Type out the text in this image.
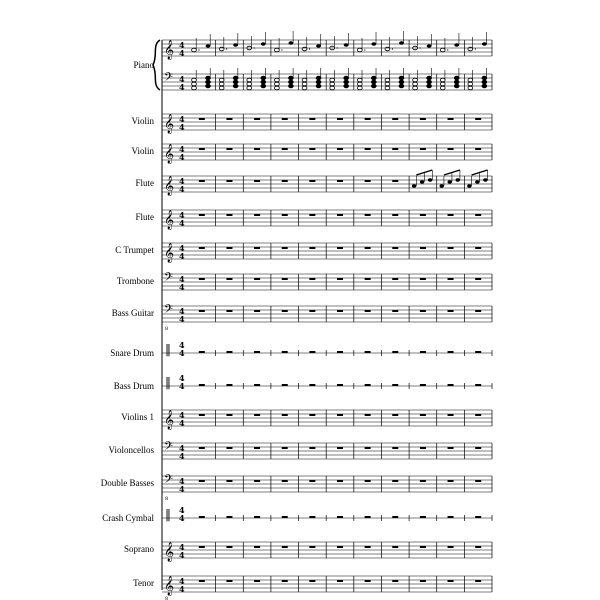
𝄞
𝄢
4
4
4
4
𝄞 4
4
𝄞 4
4
𝄞 4
4
𝄞 4
4
𝄞 4
4
𝄢 4
4
𝄢
8
4
4
‖ 4
4
‖ 4
4
𝄞 4
4
𝄢 4
4
𝄢
8
4
4
‖ 4
4
𝄞 4
4
𝄞
8
4
4
Piano
Violin
Violin
Flute
Flute
C Trumpet
Trombone
Bass Guitar
Snare Drum
Bass Drum
Violins 1
Violoncellos
Double Basses
Crash Cymbal
Soprano
Tenor
